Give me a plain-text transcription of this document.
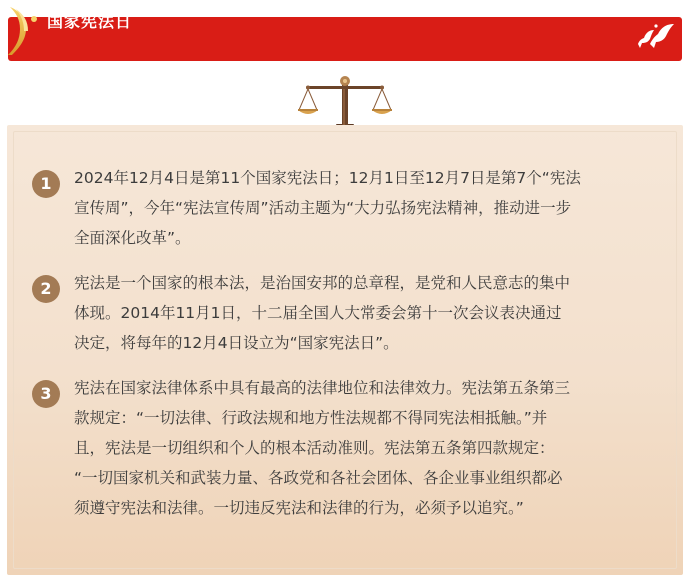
国家宪法日
1	2024年12月4日是第11个国家宪法日；12月1日至12月7日是第7个“宪法
宣传周”，今年“宪法宣传周”活动主题为“大力弘扬宪法精神，推动进一步
全面深化改革”。
2	宪法是一个国家的根本法，是治国安邦的总章程，是党和人民意志的集中
体现。2014年11月1日，十二届全国人大常委会第十一次会议表决通过
决定，将每年的12月4日设立为“国家宪法日”。
3	宪法在国家法律体系中具有最高的法律地位和法律效力。宪法第五条第三
款规定：“一切法律、行政法规和地方性法规都不得同宪法相抵触。”并
且，宪法是一切组织和个人的根本活动准则。宪法第五条第四款规定：
“一切国家机关和武装力量、各政党和各社会团体、各企业事业组织都必
须遵守宪法和法律。一切违反宪法和法律的行为，必须予以追究。”
